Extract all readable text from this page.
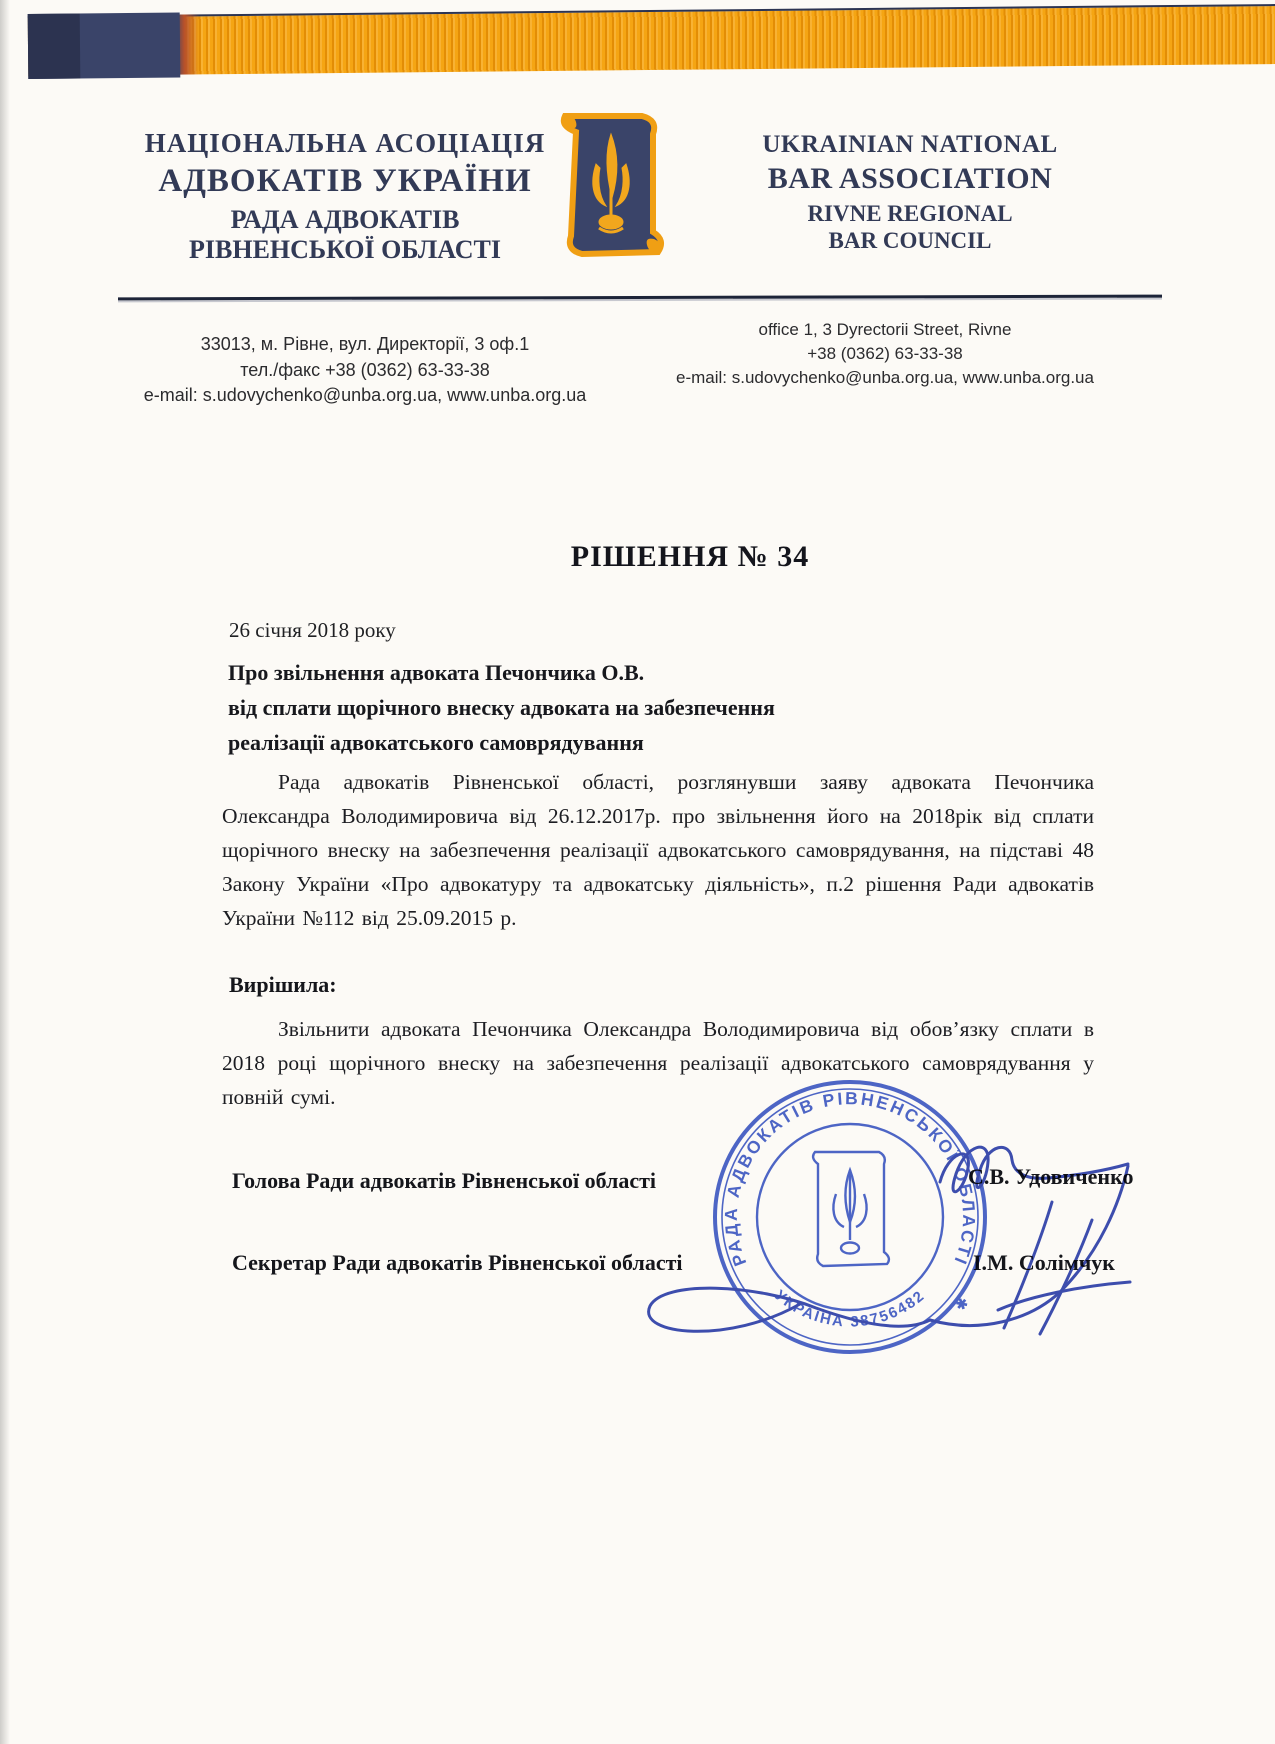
НАЦІОНАЛЬНА АСОЦІАЦІЯ
АДВОКАТІВ УКРАЇНИ
РАДА АДВОКАТІВ
РІВНЕНСЬКОЇ ОБЛАСТІ
UKRAINIAN NATIONAL
BAR ASSOCIATION
RIVNE REGIONAL
BAR COUNCIL
33013, м. Рівне, вул. Директорії, 3 оф.1
тел./факс +38 (0362) 63-33-38
e-mail: s.udovychenko@unba.org.ua, www.unba.org.ua
office 1, 3 Dyrectorii Street, Rivne
+38 (0362) 63-33-38
e-mail: s.udovychenko@unba.org.ua, www.unba.org.ua
РІШЕННЯ № 34
26 січня 2018 року
Про звільнення адвоката Печончика О.В.
від сплати щорічного внеску адвоката на забезпечення
реалізації адвокатського самоврядування

Рада адвокатів Рівненської області, розглянувши заяву адвоката Печончика Олександра Володимировича від 26.12.2017р. про звільнення його на 2018рік від сплати щорічного внеску на забезпечення реалізації адвокатського самоврядування, на підставі 48 Закону України «Про адвокатуру та адвокатську діяльність», п.2 рішення Ради адвокатів України №112 від 25.09.2015 р.

Вирішила:

Звільнити адвоката Печончика Олександра Володимировича від обов’язку сплати в 2018 році щорічного внеску на забезпечення реалізації адвокатського самоврядування у повній сумі.

Голова Ради адвокатів Рівненської області	С.В. Удовиченко
Секретар Ради адвокатів Рівненської області	І.М. Солімчук
РАДА АДВОКАТІВ РІВНЕНСЬКОЇ ОБЛАСТІ
УКРАЇНА 38756482 ✱
